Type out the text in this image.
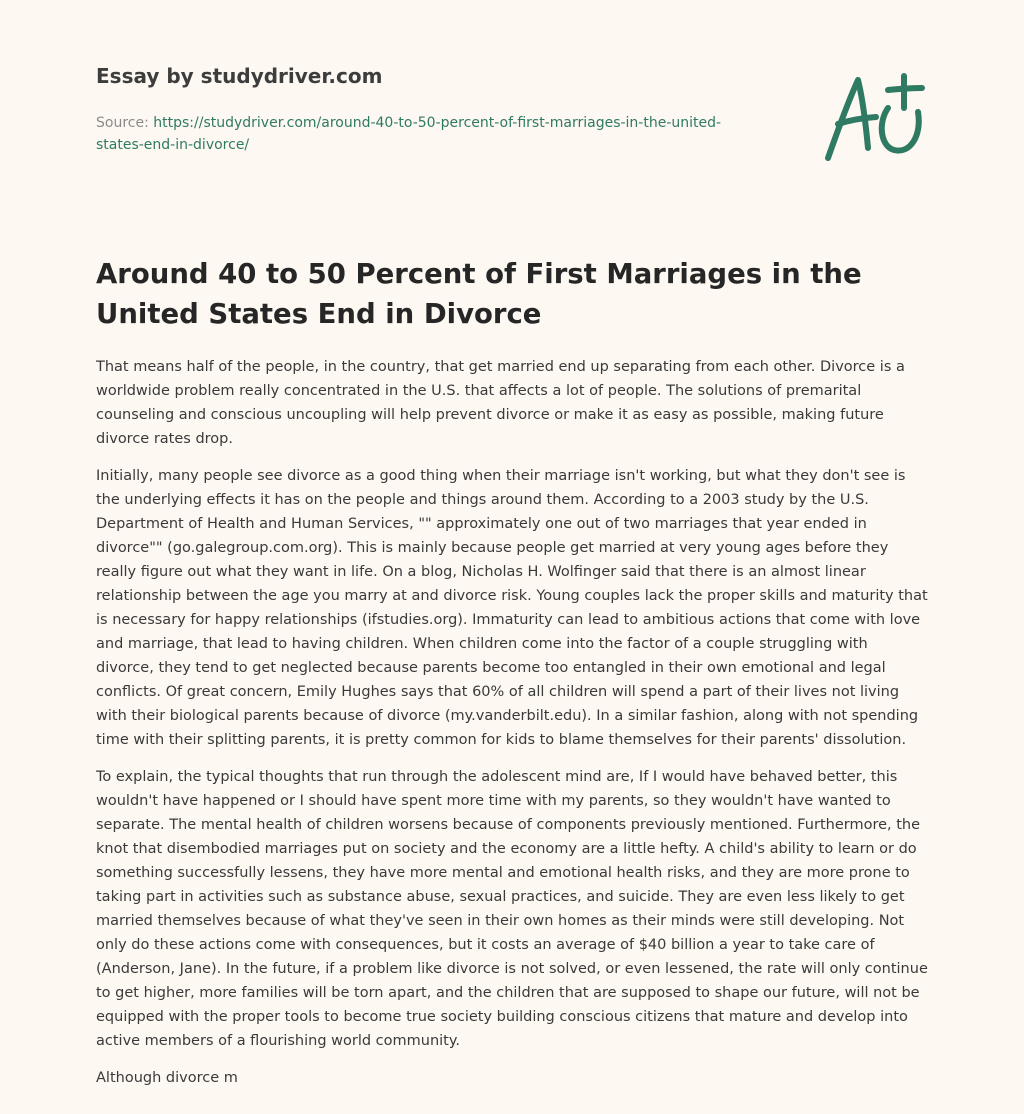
Essay by studydriver.com
Source: https://studydriver.com/around-40-to-50-percent-of-first-marriages-in-the-united-states-end-in-divorce/
Around 40 to 50 Percent of First Marriages in the United States End in Divorce

That means half of the people, in the country, that get married end up separating from each other. Divorce is a worldwide problem really concentrated in the U.S. that affects a lot of people. The solutions of premarital counseling and conscious uncoupling will help prevent divorce or make it as easy as possible, making future divorce rates drop.

Initially, many people see divorce as a good thing when their marriage isn't working, but what they don't see is the underlying effects it has on the people and things around them. According to a 2003 study by the U.S. Department of Health and Human Services, "" approximately one out of two marriages that year ended in divorce"" (go.galegroup.com.org). This is mainly because people get married at very young ages before they really figure out what they want in life. On a blog, Nicholas H. Wolfinger said that there is an almost linear relationship between the age you marry at and divorce risk. Young couples lack the proper skills and maturity that is necessary for happy relationships (ifstudies.org). Immaturity can lead to ambitious actions that come with love and marriage, that lead to having children. When children come into the factor of a couple struggling with divorce, they tend to get neglected because parents become too entangled in their own emotional and legal conflicts. Of great concern, Emily Hughes says that 60% of all children will spend a part of their lives not living with their biological parents because of divorce (my.vanderbilt.edu). In a similar fashion, along with not spending time with their splitting parents, it is pretty common for kids to blame themselves for their parents' dissolution.

To explain, the typical thoughts that run through the adolescent mind are, If I would have behaved better, this wouldn't have happened or I should have spent more time with my parents, so they wouldn't have wanted to separate. The mental health of children worsens because of components previously mentioned. Furthermore, the knot that disembodied marriages put on society and the economy are a little hefty. A child's ability to learn or do something successfully lessens, they have more mental and emotional health risks, and they are more prone to taking part in activities such as substance abuse, sexual practices, and suicide. They are even less likely to get married themselves because of what they've seen in their own homes as their minds were still developing. Not only do these actions come with consequences, but it costs an average of $40 billion a year to take care of (Anderson, Jane). In the future, if a problem like divorce is not solved, or even lessened, the rate will only continue to get higher, more families will be torn apart, and the children that are supposed to shape our future, will not be equipped with the proper tools to become true society building conscious citizens that mature and develop into active members of a flourishing world community.

Although divorce m
